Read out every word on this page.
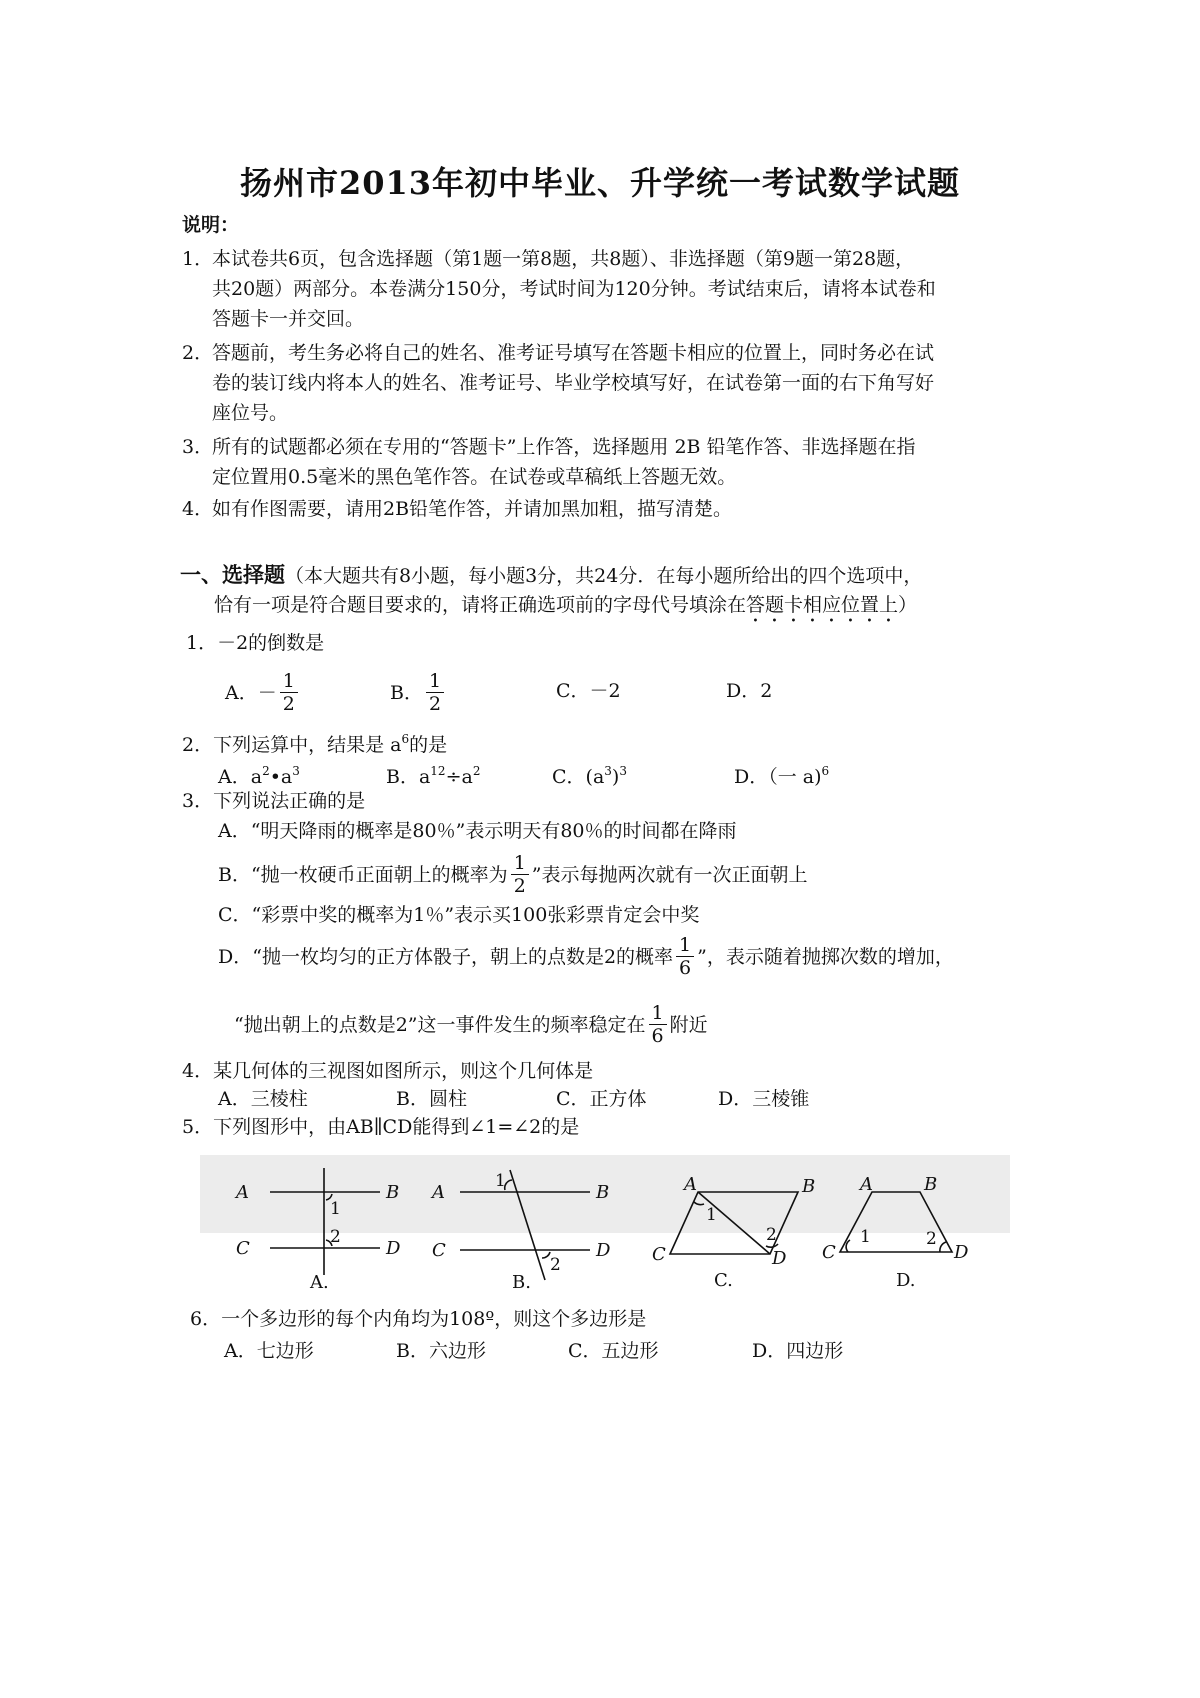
扬州市2013年初中毕业、升学统一考试数学试题
说明：
1．
本试卷共6页，包含选择题（第1题一第8题，共8题）、非选择题（第9题一第28题，
共20题）两部分。本卷满分150分，考试时间为120分钟。考试结束后，请将本试卷和
答题卡一并交回。
2．
答题前，考生务必将自己的姓名、准考证号填写在答题卡相应的位置上，同时务必在试
卷的装订线内将本人的姓名、准考证号、毕业学校填写好，在试卷第一面的右下角写好
座位号。
3．
所有的试题都必须在专用的“答题卡”上作答，选择题用 2B 铅笔作答、非选择题在指
定位置用0.5毫米的黑色笔作答。在试卷或草稿纸上答题无效。
4．
如有作图需要，请用2B铅笔作答，并请加黑加粗，描写清楚。
一、选择题（本大题共有8小题，每小题3分，共24分．在每小题所给出的四个选项中，
恰有一项是符合题目要求的，请将正确选项前的字母代号填涂在答题卡相应位置上）
1．－2的倒数是
A．－ $\frac{1}{2}$	B． $\frac{1}{2}$	C．－2	D．2
2．下列运算中，结果是 $a^6$的是
A．$a^2•a^3$	B．$a^{12}\div a^2$	C．$(a^3)^3$	D．（一 a)$^6$
3．下列说法正确的是
A．“明天降雨的概率是80％”表示明天有80％的时间都在降雨
B．“抛一枚硬币正面朝上的概率为 $\frac{1}{2}$ ”表示每抛两次就有一次正面朝上
C．“彩票中奖的概率为1％”表示买100张彩票肯定会中奖
D．“抛一枚均匀的正方体骰子，朝上的点数是2的概率 $\frac{1}{6}$ ”，表示随着抛掷次数的增加，
“抛出朝上的点数是2”这一事件发生的频率稳定在 $\frac{1}{6}$ 附近
4．某几何体的三视图如图所示，则这个几何体是
A．三棱柱	B．圆柱	C．正方体	D．三棱锥
5．下列图形中，由AB∥CD能得到∠1=∠2的是
A	B
C	D
A	B
C	D
A	B
C	D
A	B
C	D
1
2
1
2
1
2	1	2
A.	B.	C.	D.
6．一个多边形的每个内角均为108º，则这个多边形是
A．七边形	B．六边形	C．五边形	D．四边形
